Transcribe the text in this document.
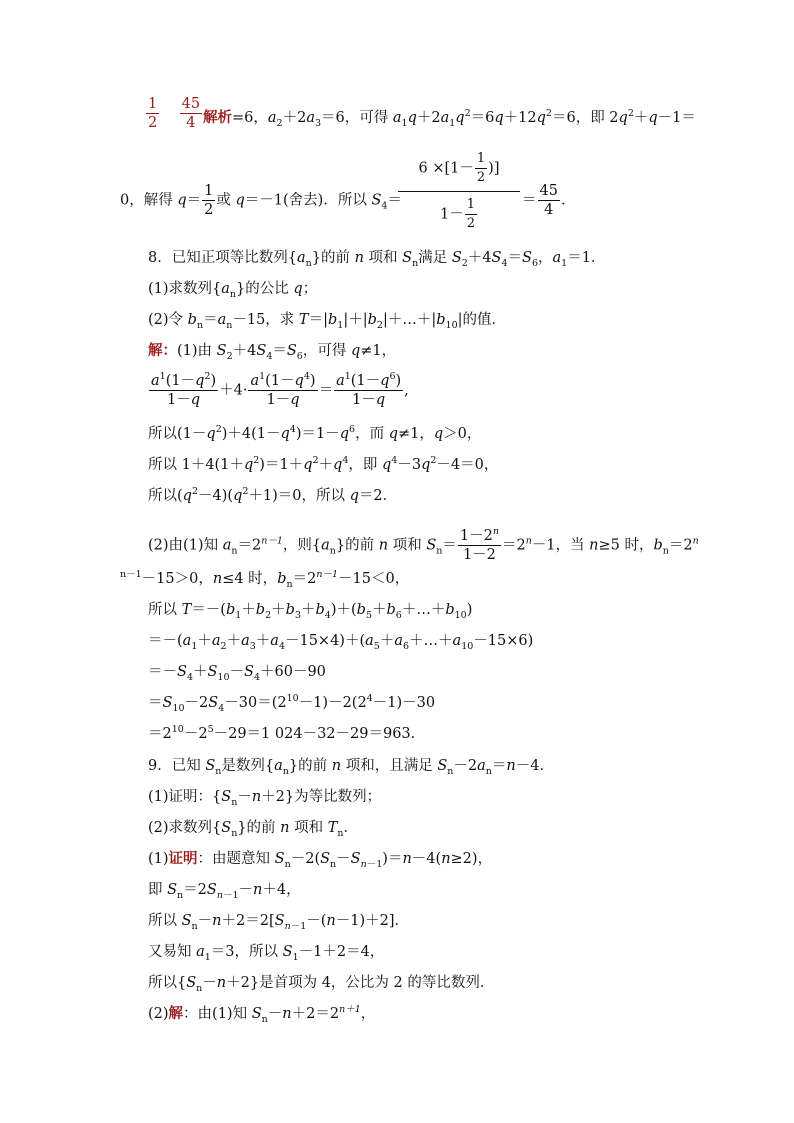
$\frac{1}{2}$
$\frac{45}{4}$ 解析=6，$a_2+2a_3=6$，可得 $a_1q+2a_1q^2=6q+12q^2=6$，即 $2q^2+q-1=$
0，解得 $q= \frac{1}{2}$ 或 q＝－1(舍去)．所以 $S_4=$
$\frac{6 \times[1- \frac{1}{2} )]}{1- \frac{1}{2}} = \frac{45}{4}$ ．
8．已知正项等比数列$\{a_n\}$的前 n 项和 $S_n$满足 $S_2+4S_4=S_6$，$a_1=1$．
(1)求数列$\{a_n\}$的公比 q；
(2)令 $b_n=a_n-15$，求 $T=|b_1|+|b_2|+\dots+|b_{10}|$的值．
解：(1)由 $S_2+4S_4=S_6$，可得 q≠1，
$\frac{a^1(1-q^2)}{1-q} +4\cdot \frac{a^1(1-q^4)}{1-q} = \frac{a^1(1-q^6)}{1-q}$ ,
所以$(1-q^2)+4(1-q^4)=1-q^6$，而 q≠1，q＞0，
所以 $1+4(1+q^2)=1+q^2+q^4$，即 $q^4-3q^2-4=0$，
所以$(q^2-4)(q^2+1)=0$，所以 q＝2．
(2)由(1)知 $a_n=2^{n-1}$，则$\{a_n\}$的前 n 项和 $S_n= \frac{1-2^n}{1-2} =2^n-1$，当 n≥5 时，$b_n=2^n$
$^{n-1}$－15＞0，n≤4 时，$b_n=2^{n-1}-15<0$，
所以 $T=-(b_1+b_2+b_3+b_4)+(b_5+b_6+\dots+b_{10})$
$=-(a_1+a_2+a_3+a_4-15\times 4)+(a_5+a_6+\dots+a_{10}-15\times 6)$
$=-S_4+S_{10}-S_4+60-90$
$=S_{10}-2S_4-30=(2^{10}-1)-2(2^4-1)-30$
$=2^{10}-2^5-29=1$ 024－32－29＝963．
9．已知 $S_n$是数列$\{a_n\}$的前 n 项和，且满足 $S_n-2a_n=n-4$．
(1)证明：$\{S_n-n+2\}$为等比数列；
(2)求数列$\{S_n\}$的前 n 项和 $T_n$．
(1)证明：由题意知 $S_n-2(S_n-S_{n-1})=n-4(n\ge 2)$，
即 $S_n=2S_{n-1}-n+4$，
所以 $S_n-n+2=2[S_{n-1}-(n-1)+2]$．
又易知 $a_1=3$，所以 $S_1-1+2=4$，
所以$\{S_n-n+2\}$是首项为 4，公比为 2 的等比数列．
(2)解：由(1)知 $S_n-n+2=2^{n+1}$，
